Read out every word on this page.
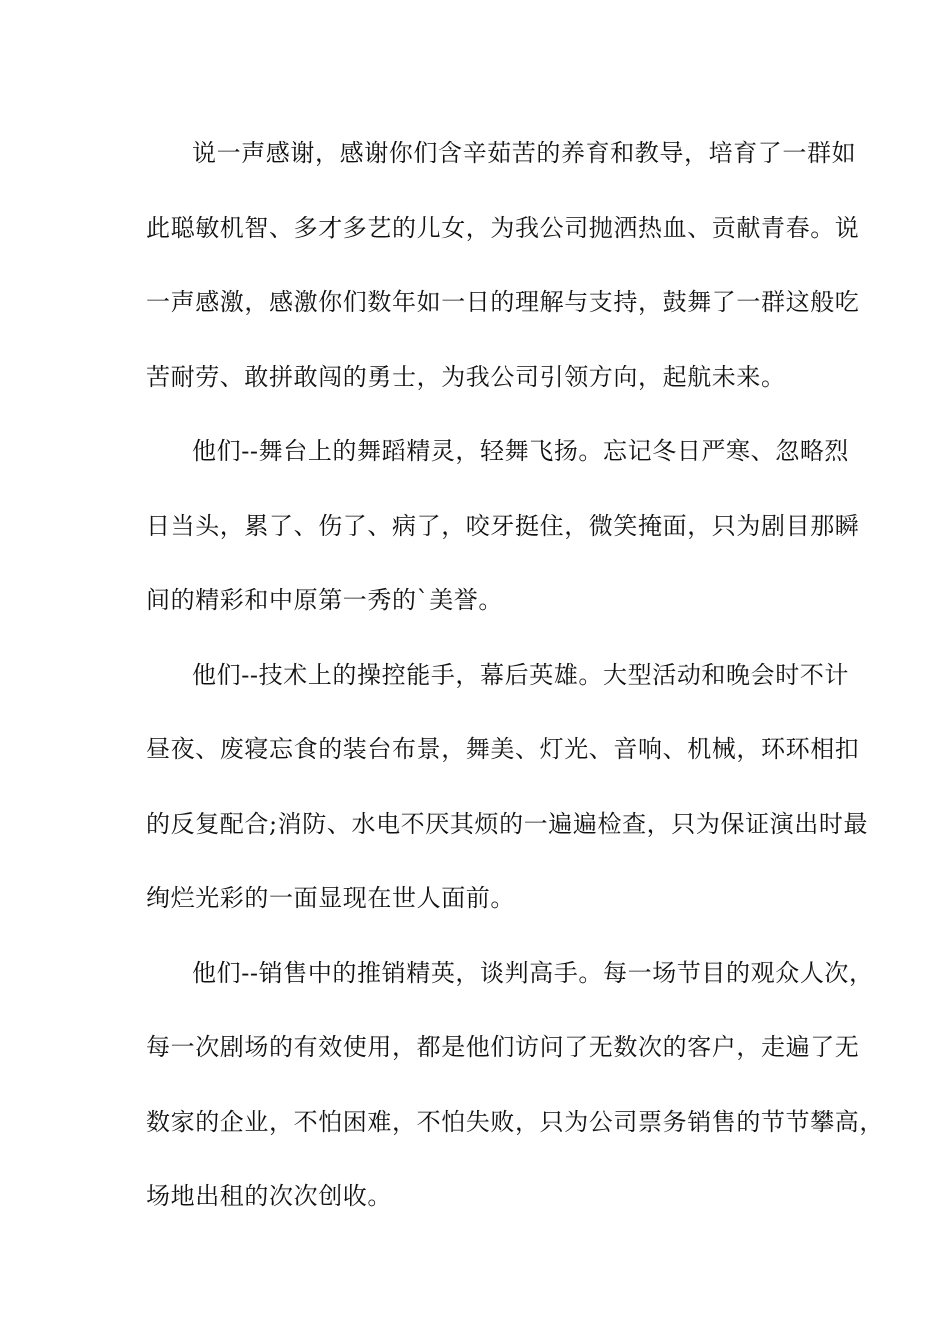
说一声感谢，感谢你们含辛茹苦的养育和教导，培育了一群如
此聪敏机智、多才多艺的儿女，为我公司抛洒热血、贡献青春。说
一声感激，感激你们数年如一日的理解与支持，鼓舞了一群这般吃
苦耐劳、敢拼敢闯的勇士，为我公司引领方向，起航未来。
他们--舞台上的舞蹈精灵，轻舞飞扬。忘记冬日严寒、忽略烈
日当头，累了、伤了、病了，咬牙挺住，微笑掩面，只为剧目那瞬
间的精彩和中原第一秀的`美誉。
他们--技术上的操控能手，幕后英雄。大型活动和晚会时不计
昼夜、废寝忘食的装台布景，舞美、灯光、音响、机械，环环相扣
的反复配合;消防、水电不厌其烦的一遍遍检查，只为保证演出时最
绚烂光彩的一面显现在世人面前。
他们--销售中的推销精英，谈判高手。每一场节目的观众人次，
每一次剧场的有效使用，都是他们访问了无数次的客户，走遍了无
数家的企业，不怕困难，不怕失败，只为公司票务销售的节节攀高，
场地出租的次次创收。
